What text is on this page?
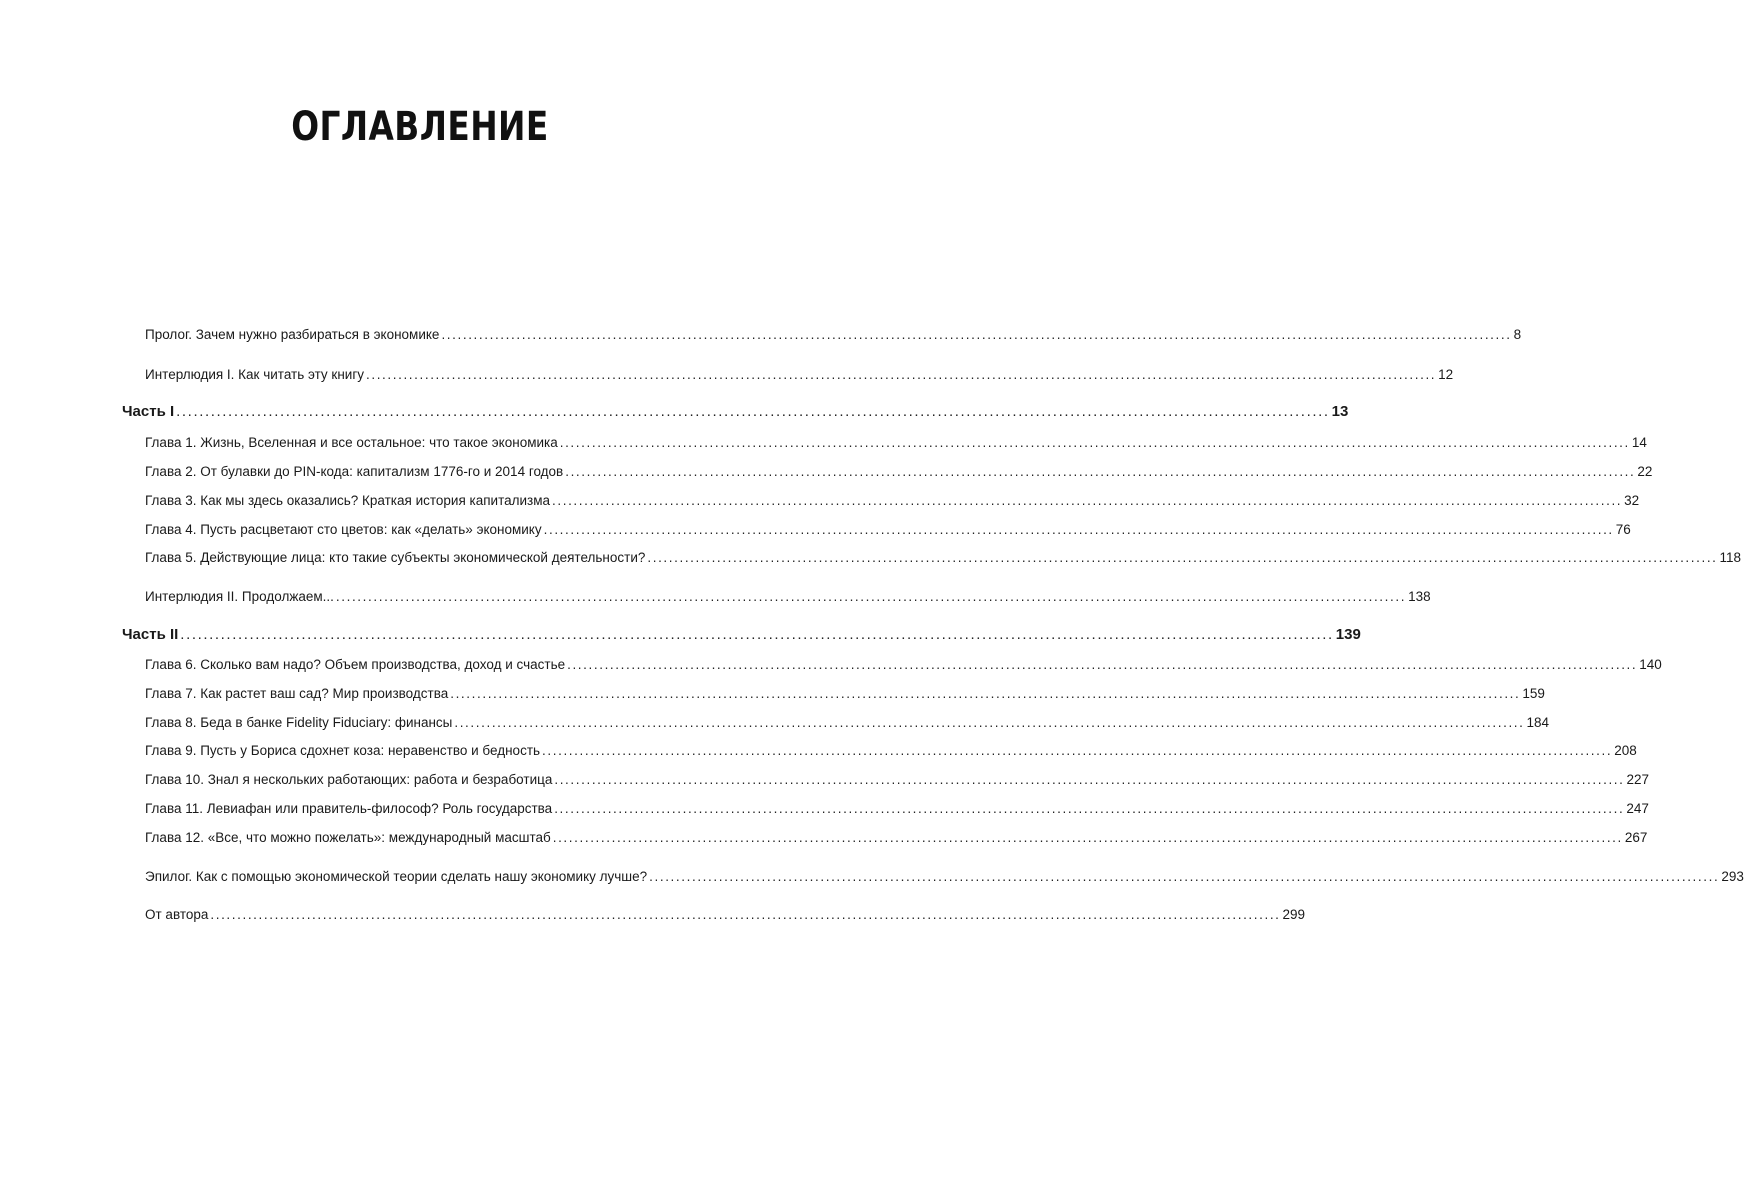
ОГЛАВЛЕНИЕ
Пролог. Зачем нужно разбираться в экономике ........................................................................................................................................................................................................ 8
Интерлюдия I. Как читать эту книгу ........................................................................................................................................................................................................ 12
Часть I ........................................................................................................................................................................................................ 13
Глава 1. Жизнь, Вселенная и все остальное: что такое экономика ........................................................................................................................................................................................................ 14
Глава 2. От булавки до PIN-кода: капитализм 1776-го и 2014 годов ........................................................................................................................................................................................................ 22
Глава 3. Как мы здесь оказались? Краткая история капитализма ........................................................................................................................................................................................................ 32
Глава 4. Пусть расцветают сто цветов: как «делать» экономику ........................................................................................................................................................................................................ 76
Глава 5. Действующие лица: кто такие субъекты экономической деятельности? ........................................................................................................................................................................................................ 118
Интерлюдия II. Продолжаем... ........................................................................................................................................................................................................ 138
Часть II ........................................................................................................................................................................................................ 139
Глава 6. Сколько вам надо? Объем производства, доход и счастье ........................................................................................................................................................................................................ 140
Глава 7. Как растет ваш сад? Мир производства ........................................................................................................................................................................................................ 159
Глава 8. Беда в банке Fidelity Fiduciary: финансы ........................................................................................................................................................................................................ 184
Глава 9. Пусть у Бориса сдохнет коза: неравенство и бедность ........................................................................................................................................................................................................ 208
Глава 10. Знал я нескольких работающих: работа и безработица ........................................................................................................................................................................................................ 227
Глава 11. Левиафан или правитель-философ? Роль государства ........................................................................................................................................................................................................ 247
Глава 12. «Все, что можно пожелать»: международный масштаб ........................................................................................................................................................................................................ 267
Эпилог. Как с помощью экономической теории сделать нашу экономику лучше? ........................................................................................................................................................................................................ 293
От автора ........................................................................................................................................................................................................ 299
